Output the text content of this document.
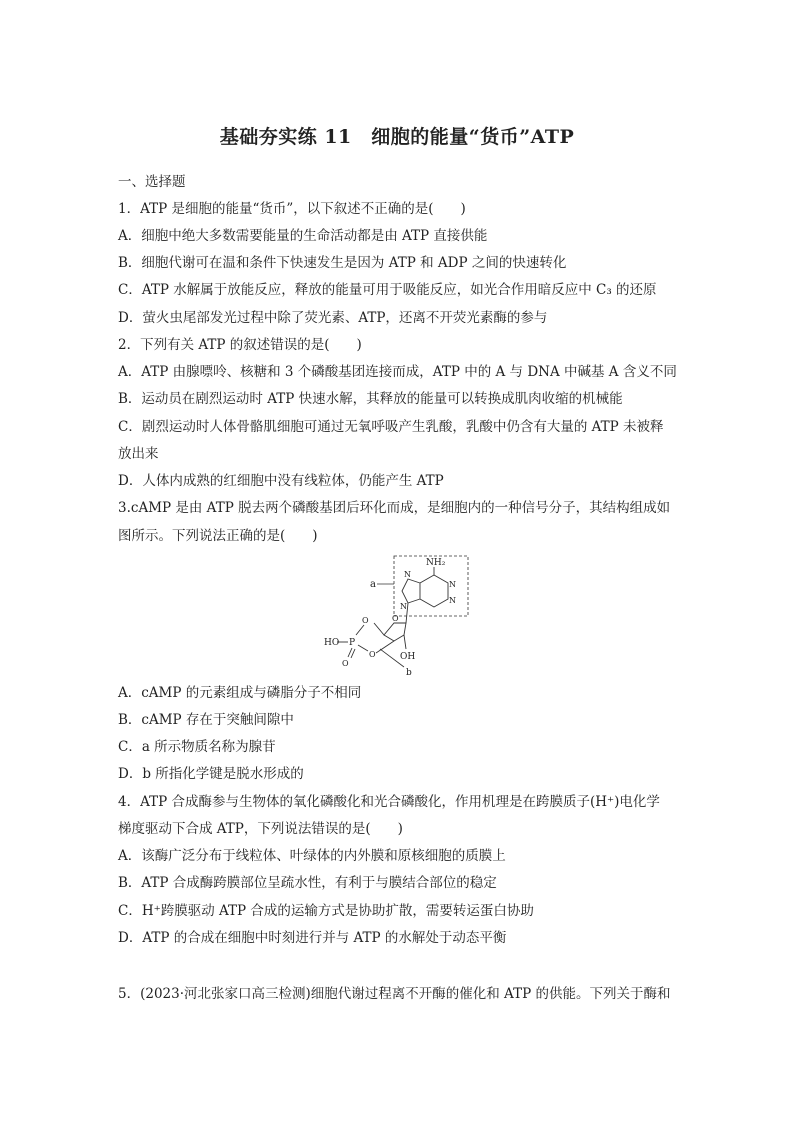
基础夯实练 11　细胞的能量“货币”ATP
一、选择题
1．ATP 是细胞的能量“货币”，以下叙述不正确的是(　　)
A．细胞中绝大多数需要能量的生命活动都是由 ATP 直接供能
B．细胞代谢可在温和条件下快速发生是因为 ATP 和 ADP 之间的快速转化
C．ATP 水解属于放能反应，释放的能量可用于吸能反应，如光合作用暗反应中 C₃ 的还原
D．萤火虫尾部发光过程中除了荧光素、ATP，还离不开荧光素酶的参与
2．下列有关 ATP 的叙述错误的是(　　)
A．ATP 由腺嘌呤、核糖和 3 个磷酸基团连接而成，ATP 中的 A 与 DNA 中碱基 A 含义不同
B．运动员在剧烈运动时 ATP 快速水解，其释放的能量可以转换成肌肉收缩的机械能
C．剧烈运动时人体骨骼肌细胞可通过无氧呼吸产生乳酸，乳酸中仍含有大量的 ATP 未被释
放出来
D．人体内成熟的红细胞中没有线粒体，仍能产生 ATP
3.cAMP 是由 ATP 脱去两个磷酸基团后环化而成，是细胞内的一种信号分子，其结构组成如
图所示。下列说法正确的是(　　)
a
NH₂
N
N
N
N
O
OH
O
P
HO
O
O
b
A．cAMP 的元素组成与磷脂分子不相同
B．cAMP 存在于突触间隙中
C．a 所示物质名称为腺苷
D．b 所指化学键是脱水形成的
4．ATP 合成酶参与生物体的氧化磷酸化和光合磷酸化，作用机理是在跨膜质子(H⁺)电化学
梯度驱动下合成 ATP，下列说法错误的是(　　)
A．该酶广泛分布于线粒体、叶绿体的内外膜和原核细胞的质膜上
B．ATP 合成酶跨膜部位呈疏水性，有利于与膜结合部位的稳定
C．H⁺跨膜驱动 ATP 合成的运输方式是协助扩散，需要转运蛋白协助
D．ATP 的合成在细胞中时刻进行并与 ATP 的水解处于动态平衡
5．(2023·河北张家口高三检测)细胞代谢过程离不开酶的催化和 ATP 的供能。下列关于酶和
